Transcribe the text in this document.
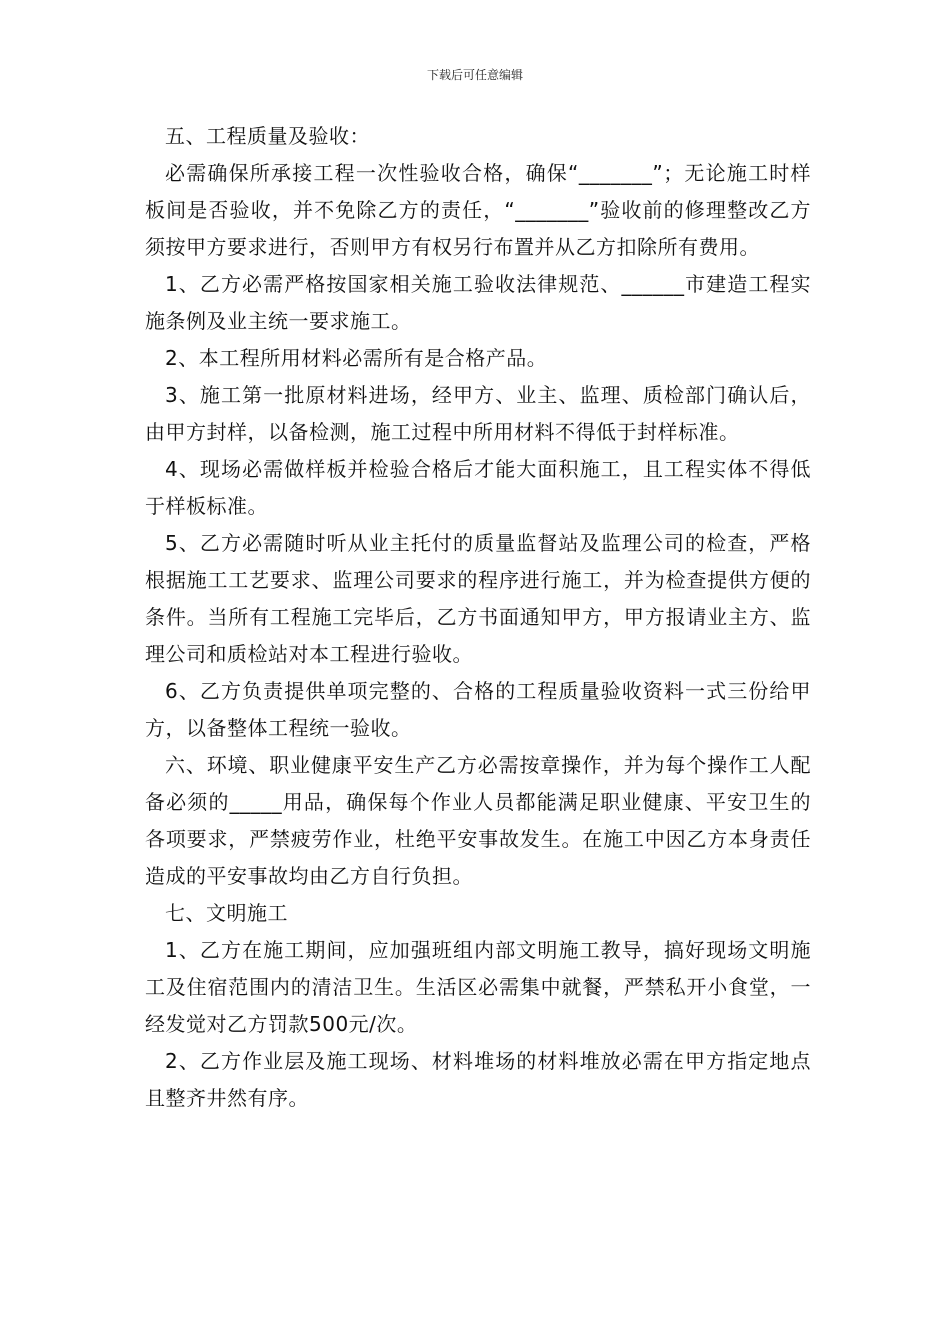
下载后可任意编辑

五、工程质量及验收：

必需确保所承接工程一次性验收合格，确保“_______”；无论施工时样板间是否验收，并不免除乙方的责任，“_______”验收前的修理整改乙方须按甲方要求进行，否则甲方有权另行布置并从乙方扣除所有费用。

1、乙方必需严格按国家相关施工验收法律规范、______市建造工程实施条例及业主统一要求施工。

2、本工程所用材料必需所有是合格产品。

3、施工第一批原材料进场，经甲方、业主、监理、质检部门确认后，由甲方封样，以备检测，施工过程中所用材料不得低于封样标准。

4、现场必需做样板并检验合格后才能大面积施工，且工程实体不得低于样板标准。

5、乙方必需随时听从业主托付的质量监督站及监理公司的检查，严格根据施工工艺要求、监理公司要求的程序进行施工，并为检查提供方便的条件。当所有工程施工完毕后，乙方书面通知甲方，甲方报请业主方、监理公司和质检站对本工程进行验收。

6、乙方负责提供单项完整的、合格的工程质量验收资料一式三份给甲方，以备整体工程统一验收。

六、环境、职业健康平安生产乙方必需按章操作，并为每个操作工人配备必须的_____用品，确保每个作业人员都能满足职业健康、平安卫生的各项要求，严禁疲劳作业，杜绝平安事故发生。在施工中因乙方本身责任造成的平安事故均由乙方自行负担。

七、文明施工

1、乙方在施工期间，应加强班组内部文明施工教导，搞好现场文明施工及住宿范围内的清洁卫生。生活区必需集中就餐，严禁私开小食堂，一经发觉对乙方罚款500元/次。

2、乙方作业层及施工现场、材料堆场的材料堆放必需在甲方指定地点且整齐井然有序。
